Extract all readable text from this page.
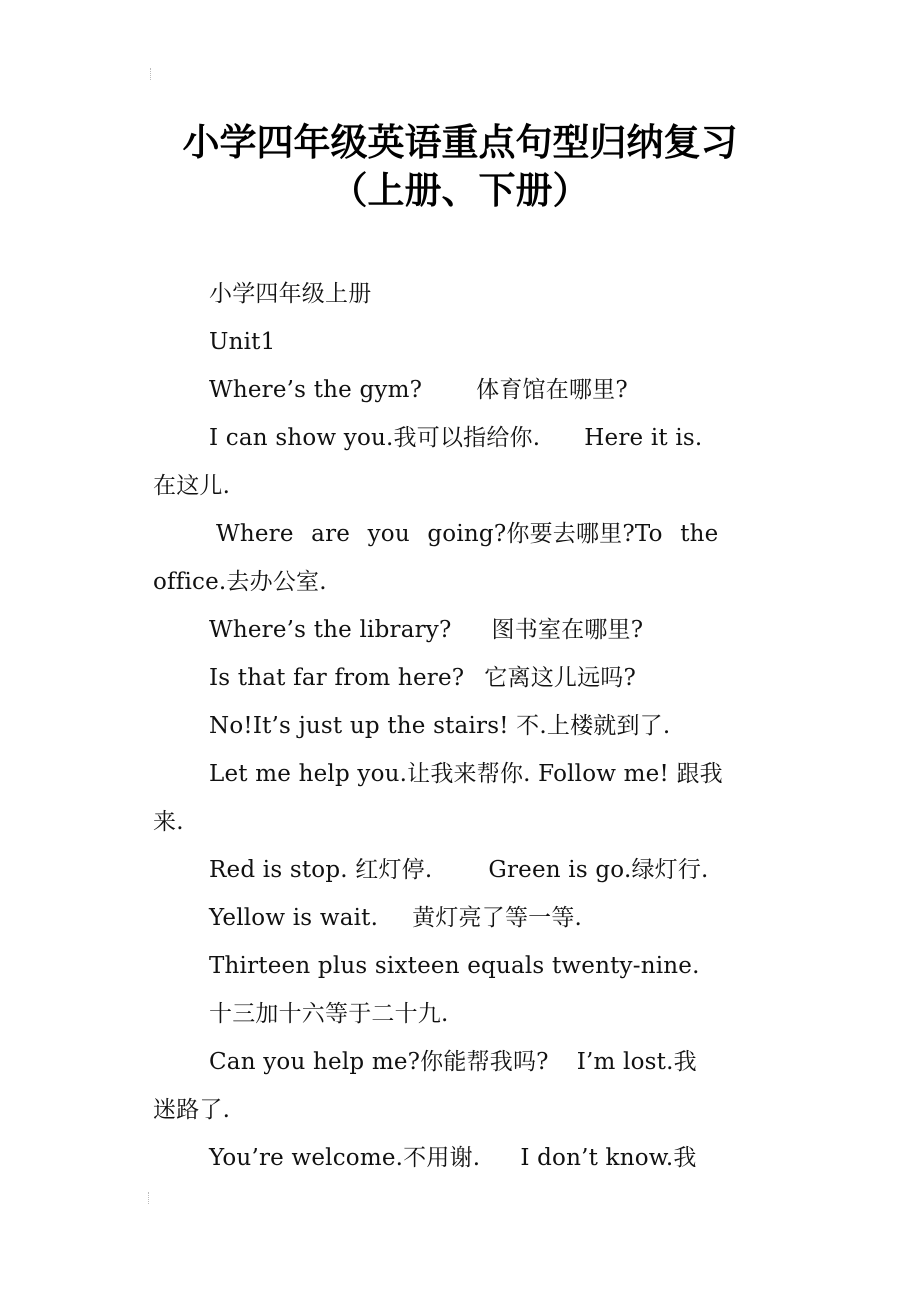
小学四年级英语重点句型归纳复习
（上册、下册）
小学四年级上册
Unit1
Where’s the gym? 体育馆在哪里?
I can show you.我可以指给你. Here it is.
在这儿.
Where are you going?你要去哪里?To the
office.去办公室.
Where’s the library? 图书室在哪里?
Is that far from here? 它离这儿远吗?
No!It’s just up the stairs! 不.上楼就到了.
Let me help you.让我来帮你. Follow me! 跟我
来.
Red is stop. 红灯停. Green is go.绿灯行.
Yellow is wait. 黄灯亮了等一等.
Thirteen plus sixteen equals twenty-nine.
十三加十六等于二十九.
Can you help me?你能帮我吗? I’m lost.我
迷路了.
You’re welcome.不用谢. I don’t know.我
